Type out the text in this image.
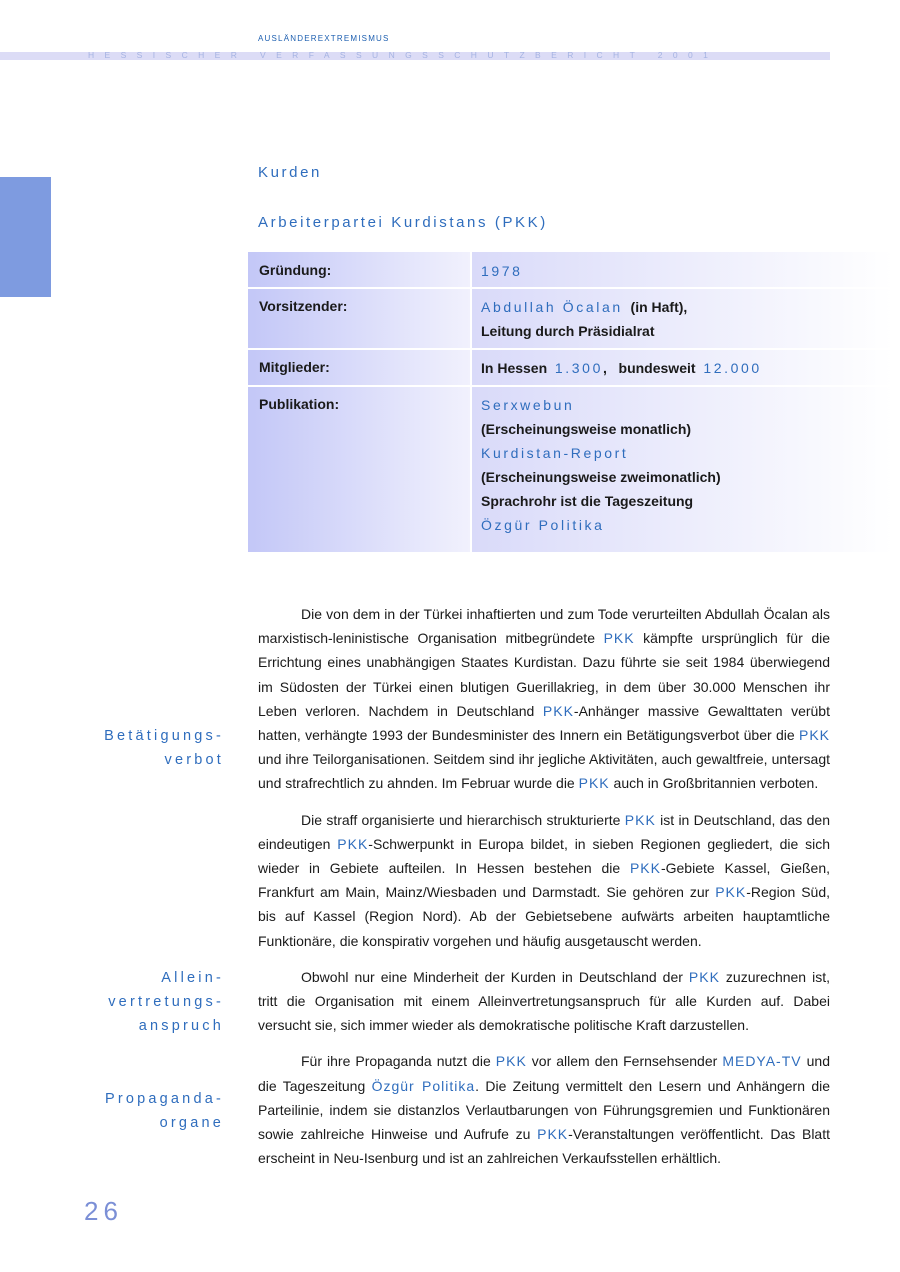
AUSLÄNDEREXTREMISMUS
HESSISCHER VERFASSUNGSSCHUTZBERICHT 2001
Kurden
Arbeiterpartei Kurdistans (PKK)
Gründung:	1978
Vorsitzender:	Abdullah Öcalan (in Haft),
Leitung durch Präsidialrat
Mitglieder:	In Hessen 1.300, bundesweit 12.000
Publikation:	Serxwebun
(Erscheinungsweise monatlich)
Kurdistan-Report
(Erscheinungsweise zweimonatlich)
Sprachrohr ist die Tageszeitung
Özgür Politika
Betätigungs-
verbot
Allein-
vertretungs-
anspruch
Propaganda-
organe

Die von dem in der Türkei inhaftierten und zum Tode verurteilten Abdullah Öcalan als marxistisch-leninistische Organisation mitbegründete PKK kämpfte ursprünglich für die Errichtung eines unabhängigen Staates Kurdistan. Dazu führte sie seit 1984 überwiegend im Südosten der Türkei einen blutigen Guerillakrieg, in dem über 30.000 Menschen ihr Leben verloren. Nachdem in Deutschland PKK-Anhänger massive Gewalttaten verübt hatten, verhängte 1993 der Bundesminister des Innern ein Betätigungsverbot über die PKK und ihre Teilorganisationen. Seitdem sind ihr jegliche Aktivitäten, auch gewaltfreie, untersagt und strafrechtlich zu ahnden. Im Februar wurde die PKK auch in Großbritannien verboten.

Die straff organisierte und hierarchisch strukturierte PKK ist in Deutschland, das den eindeutigen PKK-Schwerpunkt in Europa bildet, in sieben Regionen gegliedert, die sich wieder in Gebiete aufteilen. In Hessen bestehen die PKK-Gebiete Kassel, Gießen, Frankfurt am Main, Mainz/Wiesbaden und Darmstadt. Sie gehören zur PKK-Region Süd, bis auf Kassel (Region Nord). Ab der Gebietsebene aufwärts arbeiten hauptamtliche Funktionäre, die konspirativ vorgehen und häufig ausgetauscht werden.

Obwohl nur eine Minderheit der Kurden in Deutschland der PKK zuzurechnen ist, tritt die Organisation mit einem Alleinvertretungsanspruch für alle Kurden auf. Dabei versucht sie, sich immer wieder als demokratische politische Kraft darzustellen.

Für ihre Propaganda nutzt die PKK vor allem den Fernsehsender MEDYA-TV und die Tageszeitung Özgür Politika. Die Zeitung vermittelt den Lesern und Anhängern die Parteilinie, indem sie distanzlos Verlautbarungen von Führungsgremien und Funktionären sowie zahlreiche Hinweise und Aufrufe zu PKK-Veranstaltungen veröffentlicht. Das Blatt erscheint in Neu-Isenburg und ist an zahlreichen Verkaufsstellen erhältlich.

26
